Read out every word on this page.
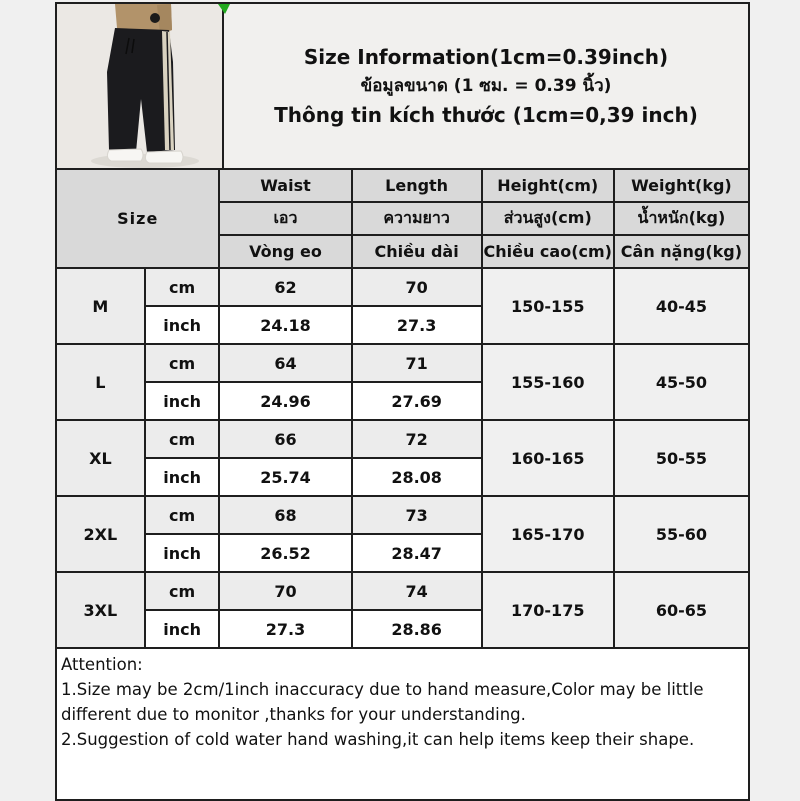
Size Information(1cm=0.39inch)
ข้อมูลขนาด (1 ซม. = 0.39 นิ้ว)
Thông tin kích thước (1cm=0,39 inch)
Size		Waist	Length	Height(cm)	Weight(kg)
		เอว	ความยาว	ส่วนสูง(cm)	น้ำหนัก(kg)
		Vòng eo	Chiều dài	Chiều cao(cm)	Cân nặng(kg)
M	cm	62	70	150-155	40-45
	inch	24.18	27.3		
L	cm	64	71	155-160	45-50
	inch	24.96	27.69		
XL	cm	66	72	160-165	50-55
	inch	25.74	28.08		
2XL	cm	68	73	165-170	55-60
	inch	26.52	28.47		
3XL	cm	70	74	170-175	60-65
	inch	27.3	28.86		

Attention:

1.Size may be 2cm/1inch inaccuracy due to hand measure,Color may be little different due to monitor ,thanks for your understanding.

2.Suggestion of cold water hand washing,it can help items keep their shape.
